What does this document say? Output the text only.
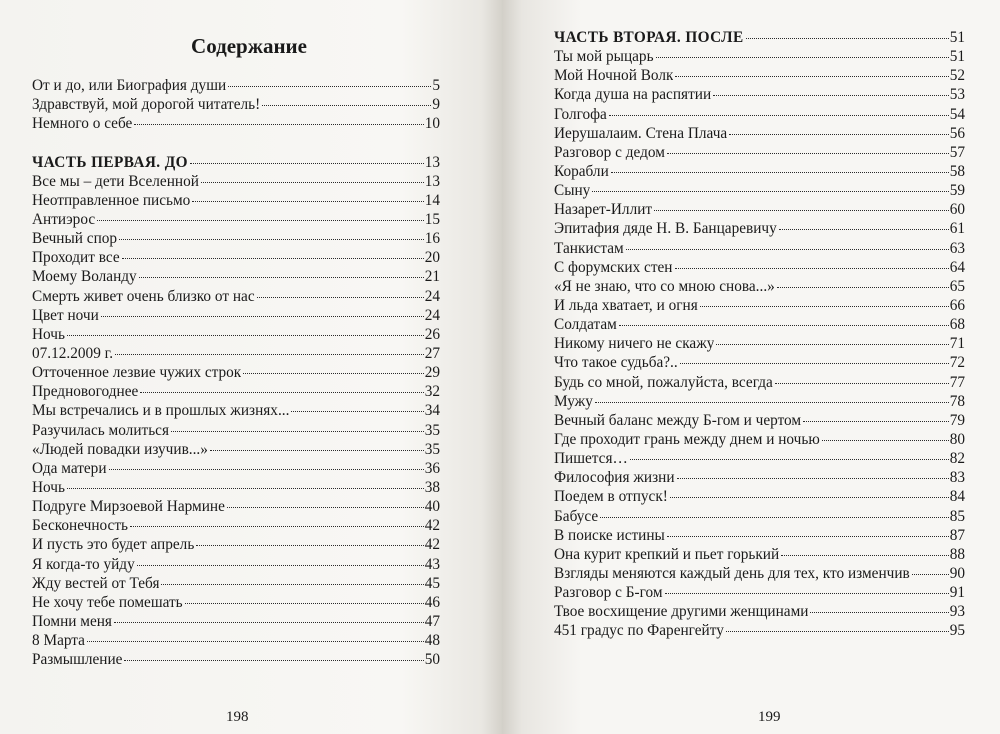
Содержание
От и до, или Биография души	5
Здравствуй, мой дорогой читатель!	9
Немного о себе	10
ЧАСТЬ ПЕРВАЯ. ДО	13
Все мы – дети Вселенной	13
Неотправленное письмо	14
Антиэрос	15
Вечный спор	16
Проходит все	20
Моему Воланду	21
Смерть живет очень близко от нас	24
Цвет ночи	24
Ночь	26
07.12.2009 г.	27
Отточенное лезвие чужих строк	29
Предновогоднее	32
Мы встречались и в прошлых жизнях...	34
Разучилась молиться	35
«Людей повадки изучив...»	35
Ода матери	36
Ночь	38
Подруге Мирзоевой Нармине	40
Бесконечность	42
И пусть это будет апрель	42
Я когда-то уйду	43
Жду вестей от Тебя	45
Не хочу тебе помешать	46
Помни меня	47
8 Марта	48
Размышление	50
198
ЧАСТЬ ВТОРАЯ. ПОСЛЕ	51
Ты мой рыцарь	51
Мой Ночной Волк	52
Когда душа на распятии	53
Голгофа	54
Иерушалаим. Стена Плача	56
Разговор с дедом	57
Корабли	58
Сыну	59
Назарет-Иллит	60
Эпитафия дяде Н. В. Банцаревичу	61
Танкистам	63
С форумских стен	64
«Я не знаю, что со мною снова...»	65
И льда хватает, и огня	66
Солдатам	68
Никому ничего не скажу	71
Что такое судьба?..	72
Будь со мной, пожалуйста, всегда	77
Мужу	78
Вечный баланс между Б-гом и чертом	79
Где проходит грань между днем и ночью	80
Пишется…	82
Философия жизни	83
Поедем в отпуск!	84
Бабусе	85
В поиске истины	87
Она курит крепкий и пьет горький	88
Взгляды меняются каждый день для тех, кто изменчив	90
Разговор с Б-гом	91
Твое восхищение другими женщинами	93
451 градус по Фаренгейту	95
199
